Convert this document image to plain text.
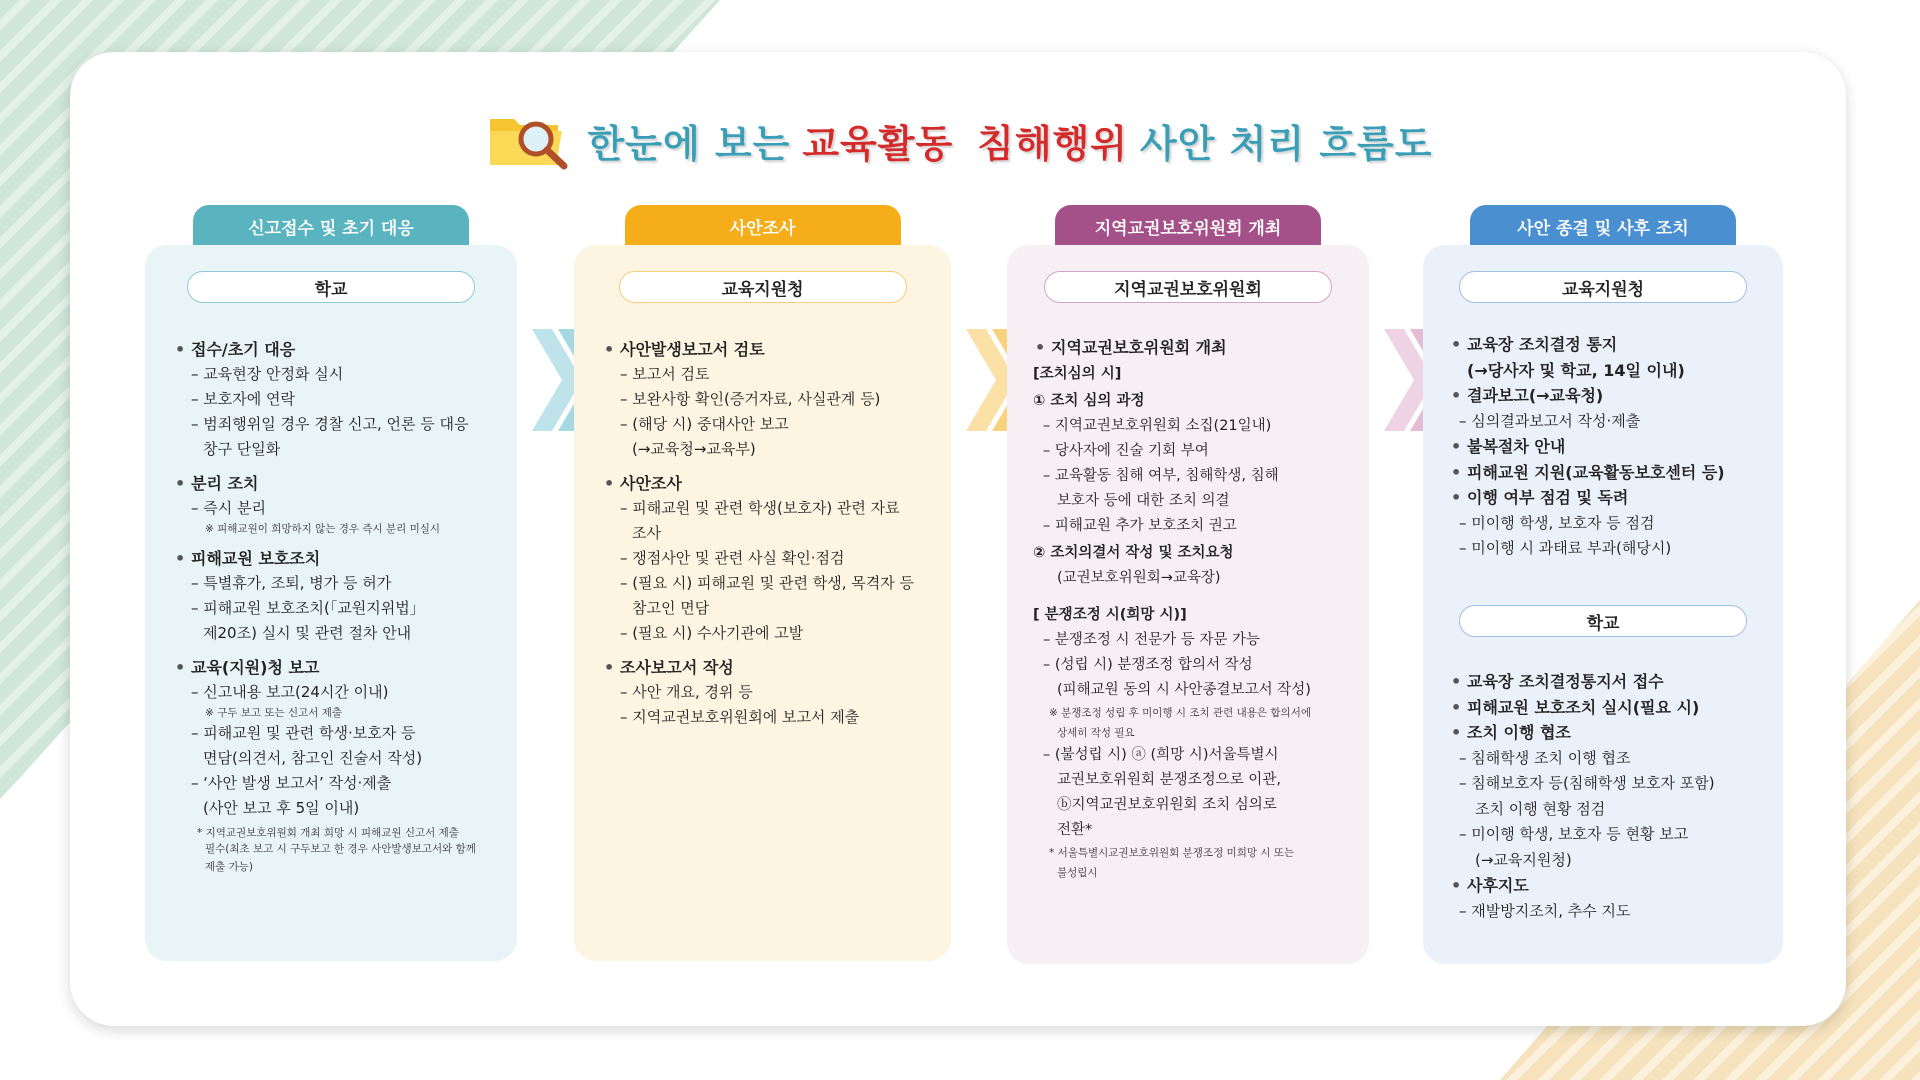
한눈에 보는 교육활동 침해행위 사안 처리 흐름도
신고접수 및 초기 대응
학교
• 접수/초기 대응
– 교육현장 안정화 실시
– 보호자에 연락
– 범죄행위일 경우 경찰 신고, 언론 등 대응
창구 단일화
• 분리 조치
– 즉시 분리
※ 피해교원이 희망하지 않는 경우 즉시 분리 미실시
• 피해교원 보호조치
– 특별휴가, 조퇴, 병가 등 허가
– 피해교원 보호조치(「교원지위법」
제20조) 실시 및 관련 절차 안내
• 교육(지원)청 보고
– 신고내용 보고(24시간 이내)
※ 구두 보고 또는 신고서 제출
– 피해교원 및 관련 학생·보호자 등
면담(의견서, 참고인 진술서 작성)
– ‘사안 발생 보고서’ 작성·제출
(사안 보고 후 5일 이내)
* 지역교권보호위원회 개최 희망 시 피해교원 신고서 제출
필수(최초 보고 시 구두보고 한 경우 사안발생보고서와 함께
제출 가능)
사안조사
교육지원청
• 사안발생보고서 검토
– 보고서 검토
– 보완사항 확인(증거자료, 사실관계 등)
– (해당 시) 중대사안 보고
(→교육청→교육부)
• 사안조사
– 피해교원 및 관련 학생(보호자) 관련 자료
조사
– 쟁점사안 및 관련 사실 확인·점검
– (필요 시) 피해교원 및 관련 학생, 목격자 등
참고인 면담
– (필요 시) 수사기관에 고발
• 조사보고서 작성
– 사안 개요, 경위 등
– 지역교권보호위원회에 보고서 제출
지역교권보호위원회 개최
지역교권보호위원회
• 지역교권보호위원회 개최
[조치심의 시]
① 조치 심의 과정
– 지역교권보호위원회 소집(21일내)
– 당사자에 진술 기회 부여
– 교육활동 침해 여부, 침해학생, 침해
보호자 등에 대한 조치 의결
– 피해교원 추가 보호조치 권고
② 조치의결서 작성 및 조치요청
(교권보호위원회→교육장)
[ 분쟁조정 시(희망 시)]
– 분쟁조정 시 전문가 등 자문 가능
– (성립 시) 분쟁조정 합의서 작성
(피해교원 동의 시 사안종결보고서 작성)
※ 분쟁조정 성립 후 미이행 시 조치 관련 내용은 합의서에
상세히 작성 필요
– (불성립 시) ⓐ (희망 시)서울특별시
교권보호위원회 분쟁조정으로 이관,
ⓑ지역교권보호위원회 조치 심의로
전환*
* 서울특별시교권보호위원회 분쟁조정 미희망 시 또는
불성립시
사안 종결 및 사후 조치
교육지원청
• 교육장 조치결정 통지
(→당사자 및 학교, 14일 이내)
• 결과보고(→교육청)
– 심의결과보고서 작성·제출
• 불복절차 안내
• 피해교원 지원(교육활동보호센터 등)
• 이행 여부 점검 및 독려
– 미이행 학생, 보호자 등 점검
– 미이행 시 과태료 부과(해당시)
학교
• 교육장 조치결정통지서 접수
• 피해교원 보호조치 실시(필요 시)
• 조치 이행 협조
– 침해학생 조치 이행 협조
– 침해보호자 등(침해학생 보호자 포함)
조치 이행 현황 점검
– 미이행 학생, 보호자 등 현황 보고
(→교육지원청)
• 사후지도
– 재발방지조치, 추수 지도
